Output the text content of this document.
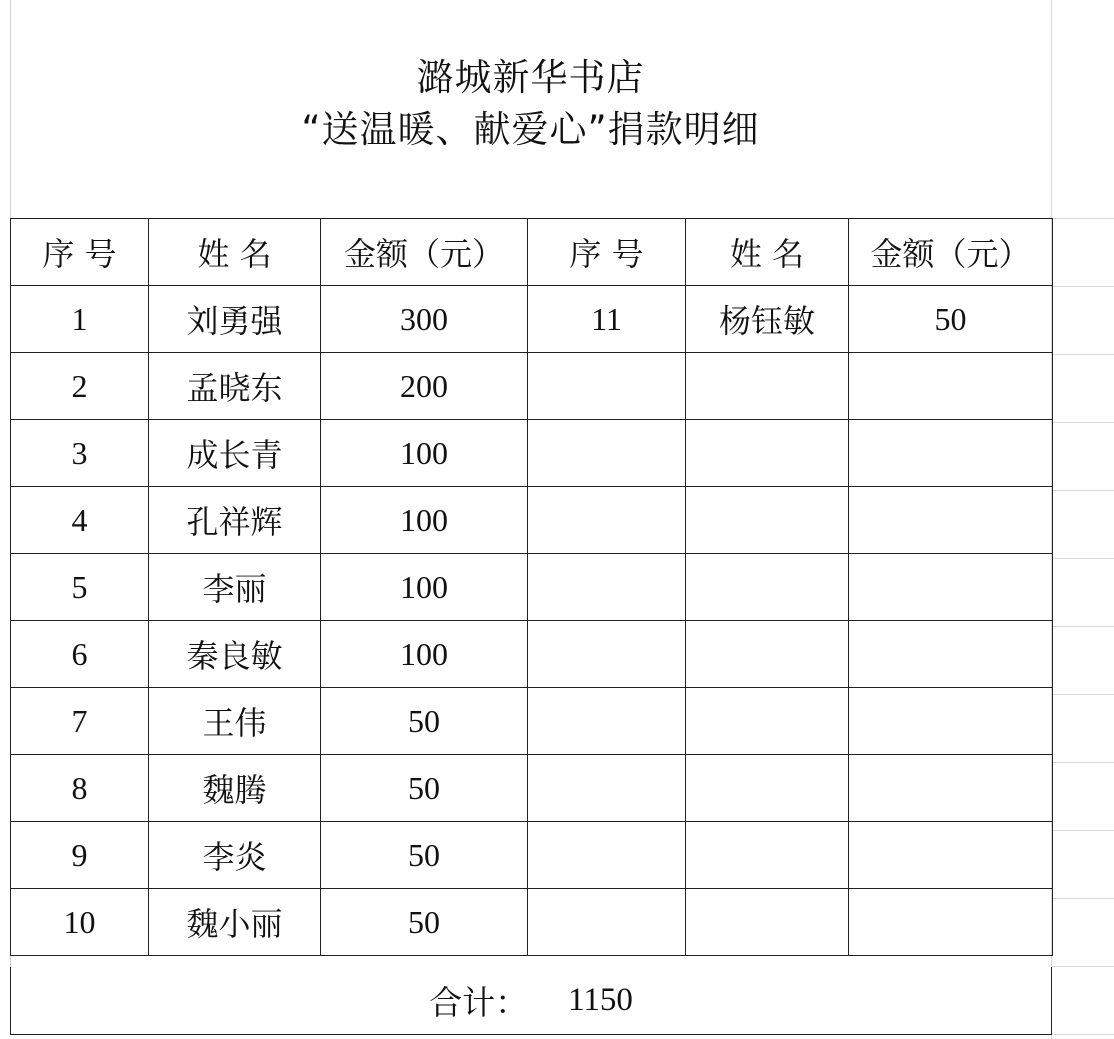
潞城新华书店
“送温暖、献爱心”捐款明细
序 号	姓 名	金额（元）	序 号	姓 名	金额（元）
1	刘勇强	300	11	杨钰敏	50
2	孟晓东	200			
3	成长青	100			
4	孔祥辉	100			
5	李丽	100			
6	秦良敏	100			
7	王伟	50			
8	魏腾	50			
9	李炎	50			
10	魏小丽	50			
合计： 1150
